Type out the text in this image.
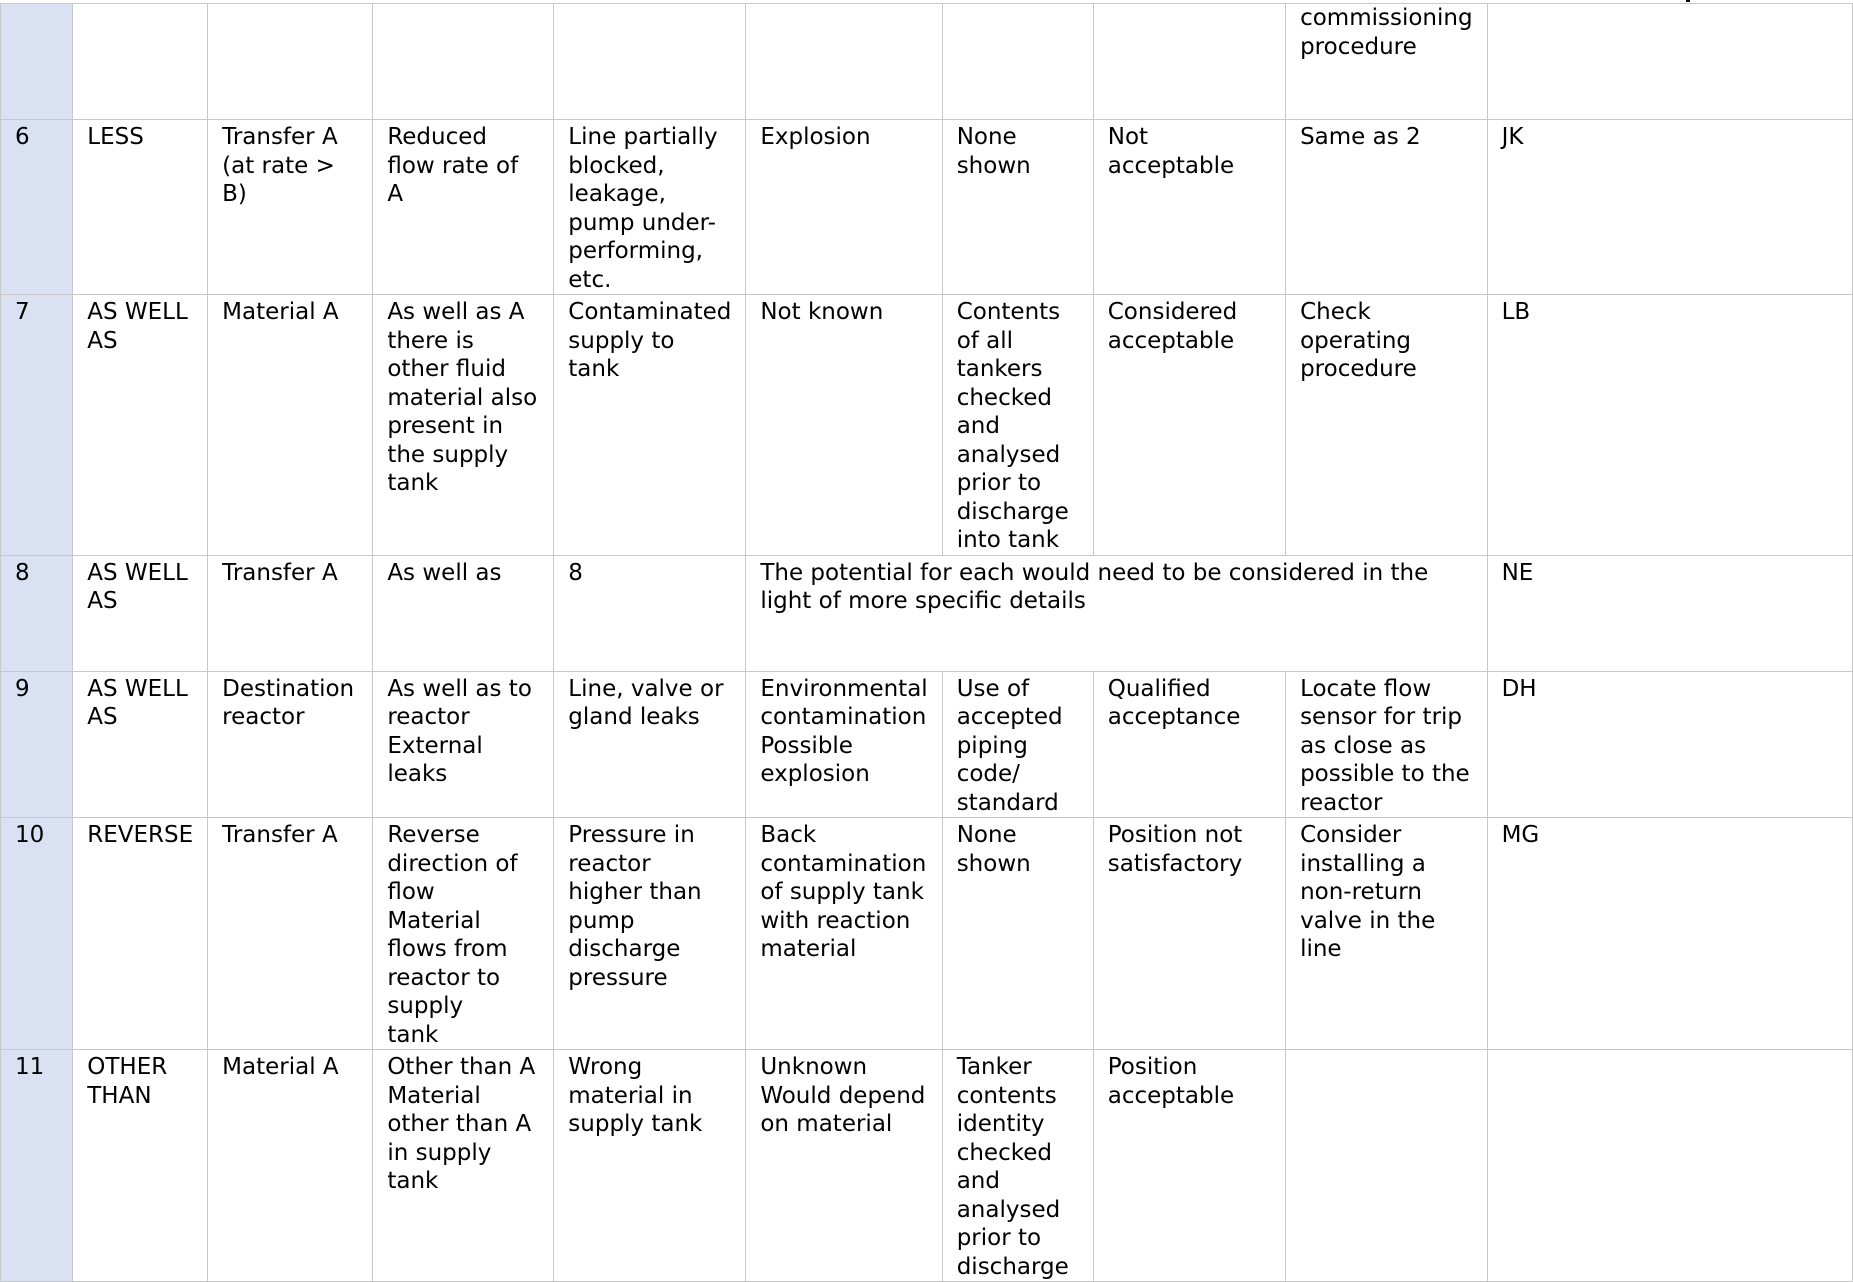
								commissioning
procedure	

6	LESS	Transfer A (at rate > B)	Reduced flow rate of A	Line partially blocked, leakage, pump under-performing, etc.	Explosion	None shown	Not acceptable	Same as 2	JK
7	AS WELL AS	Material A	As well as A there is other fluid material also present in the supply tank	Contaminated supply to tank	Not known	Contents of all tankers checked and analysed prior to discharge into tank	Considered acceptable	Check operating procedure	LB
8	AS WELL AS	Transfer A	As well as	8	The potential for each would need to be considered in the light of more specific details				NE
9	AS WELL AS	Destination reactor	As well as to reactor External leaks	Line, valve or gland leaks	Environmental contamination
Possible explosion	Use of accepted piping code/ standard	Qualified acceptance	Locate flow sensor for trip as close as possible to the reactor	DH
10	REVERSE	Transfer A	Reverse direction of flow
Material flows from reactor to supply
tank	Pressure in reactor higher than pump discharge pressure	Back contamination of supply tank with reaction material	None shown	Position not satisfactory	Consider installing a non-return valve in the line	MG
11	OTHER THAN	Material A	Other than A
Material other than A in supply tank	Wrong material in supply tank	Unknown
Would depend on material	Tanker contents identity checked and analysed prior to discharge	Position acceptable		
